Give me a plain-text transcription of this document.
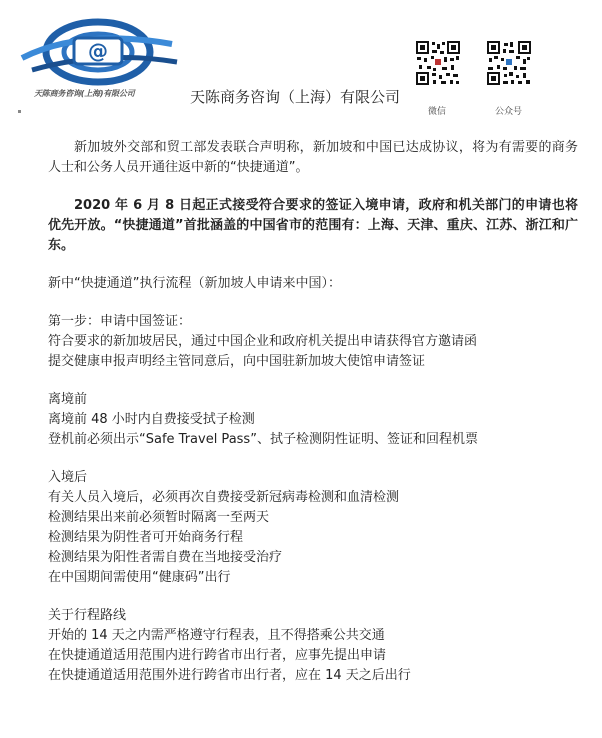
@
天陈商务咨询(上海)有限公司	天陈商务咨询（上海）有限公司
微信	公众号

新加坡外交部和贸工部发表联合声明称，新加坡和中国已达成协议，将为有需要的商务人士和公务人员开通往返中新的“快捷通道”。

2020 年 6 月 8 日起正式接受符合要求的签证入境申请，政府和机关部门的申请也将优先开放。“快捷通道”首批涵盖的中国省市的范围有：上海、天津、重庆、江苏、浙江和广东。

新中“快捷通道”执行流程（新加坡人申请来中国）：
第一步：申请中国签证：
符合要求的新加坡居民，通过中国企业和政府机关提出申请获得官方邀请函
提交健康申报声明经主管同意后，向中国驻新加坡大使馆申请签证
离境前
离境前 48 小时内自费接受拭子检测
登机前必须出示“Safe Travel Pass”、拭子检测阴性证明、签证和回程机票
入境后
有关人员入境后，必须再次自费接受新冠病毒检测和血清检测
检测结果出来前必须暂时隔离一至两天
检测结果为阴性者可开始商务行程
检测结果为阳性者需自费在当地接受治疗
在中国期间需使用“健康码”出行
关于行程路线
开始的 14 天之内需严格遵守行程表，且不得搭乘公共交通
在快捷通道适用范围内进行跨省市出行者，应事先提出申请
在快捷通道适用范围外进行跨省市出行者，应在 14 天之后出行
